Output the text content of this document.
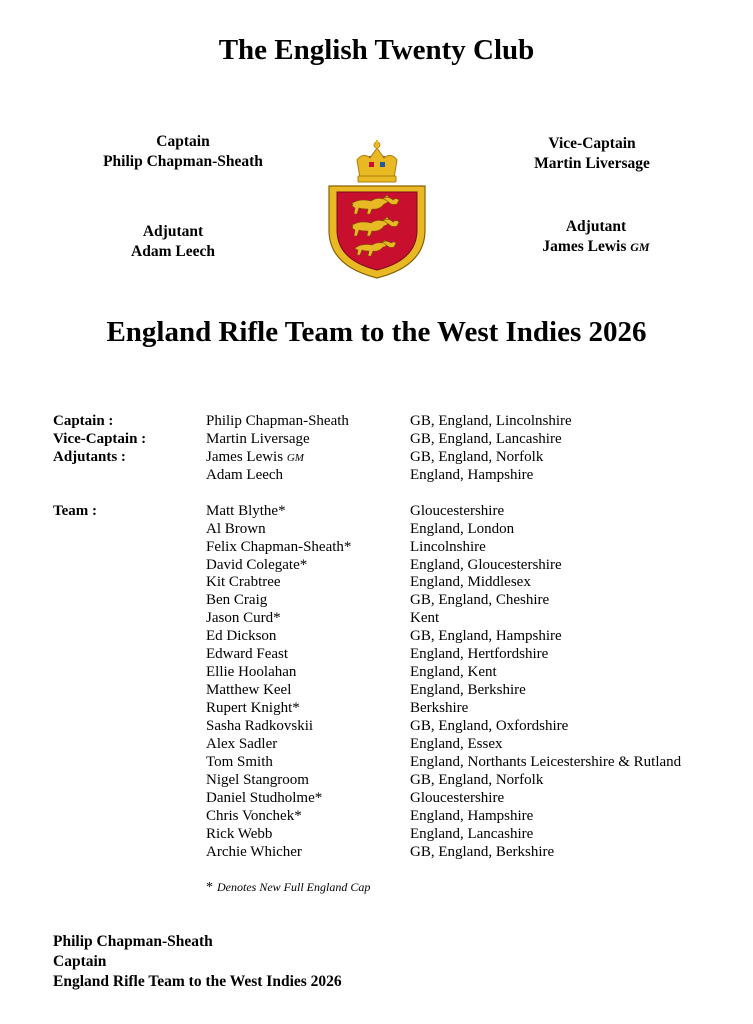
The English Twenty Club
Captain
Philip Chapman-Sheath
Vice-Captain
Martin Liversage
Adjutant
Adam Leech
Adjutant
James Lewis GM
England Rifle Team to the West Indies 2026
Captain :	Philip Chapman-Sheath	GB, England, Lincolnshire
Vice-Captain :	Martin Liversage	GB, England, Lancashire
Adjutants :	James Lewis GM	GB, England, Norfolk
Adam Leech	England, Hampshire
Team :	Matt Blythe*	Gloucestershire
Al Brown	England, London
Felix Chapman-Sheath*	Lincolnshire
David Colegate*	England, Gloucestershire
Kit Crabtree	England, Middlesex
Ben Craig	GB, England, Cheshire
Jason Curd*	Kent
Ed Dickson	GB, England, Hampshire
Edward Feast	England, Hertfordshire
Ellie Hoolahan	England, Kent
Matthew Keel	England, Berkshire
Rupert Knight*	Berkshire
Sasha Radkovskii	GB, England, Oxfordshire
Alex Sadler	England, Essex
Tom Smith	England, Northants Leicestershire & Rutland
Nigel Stangroom	GB, England, Norfolk
Daniel Studholme*	Gloucestershire
Chris Vonchek*	England, Hampshire
Rick Webb	England, Lancashire
Archie Whicher	GB, England, Berkshire
* Denotes New Full England Cap
Philip Chapman-Sheath
Captain
England Rifle Team to the West Indies 2026
